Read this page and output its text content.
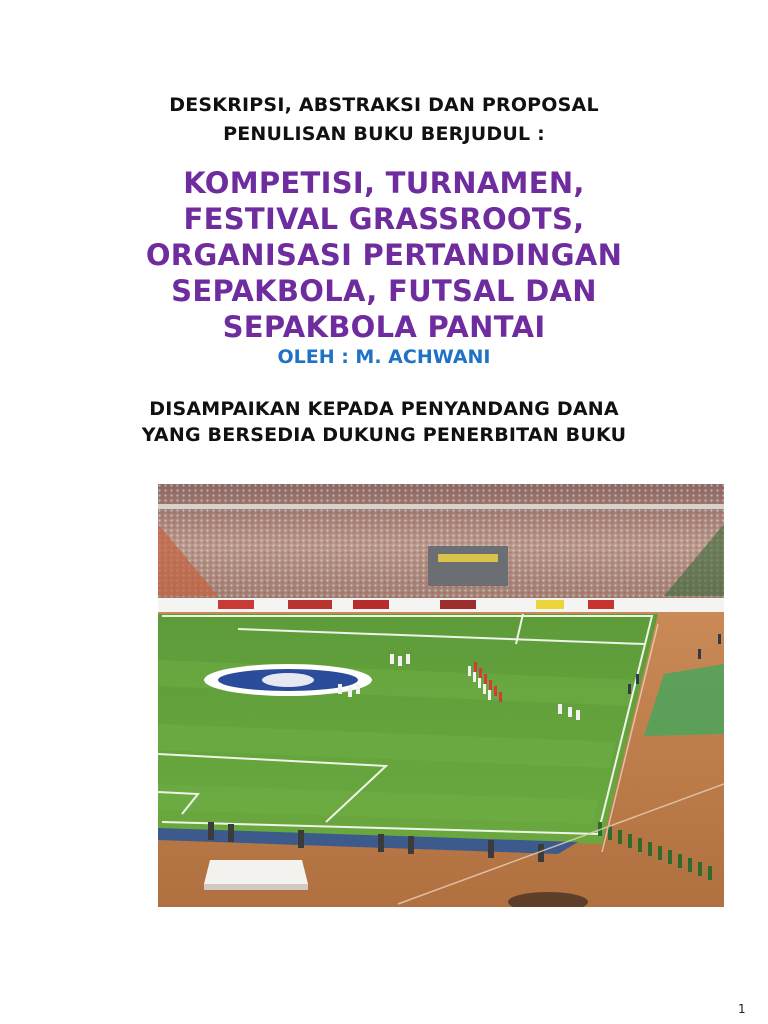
DESKRIPSI, ABSTRAKSI DAN PROPOSAL
PENULISAN BUKU BERJUDUL :
KOMPETISI, TURNAMEN,
FESTIVAL GRASSROOTS,
ORGANISASI PERTANDINGAN
SEPAKBOLA, FUTSAL DAN
SEPAKBOLA PANTAI
OLEH : M. ACHWANI
DISAMPAIKAN KEPADA PENYANDANG DANA
YANG BERSEDIA DUKUNG PENERBITAN BUKU
1
